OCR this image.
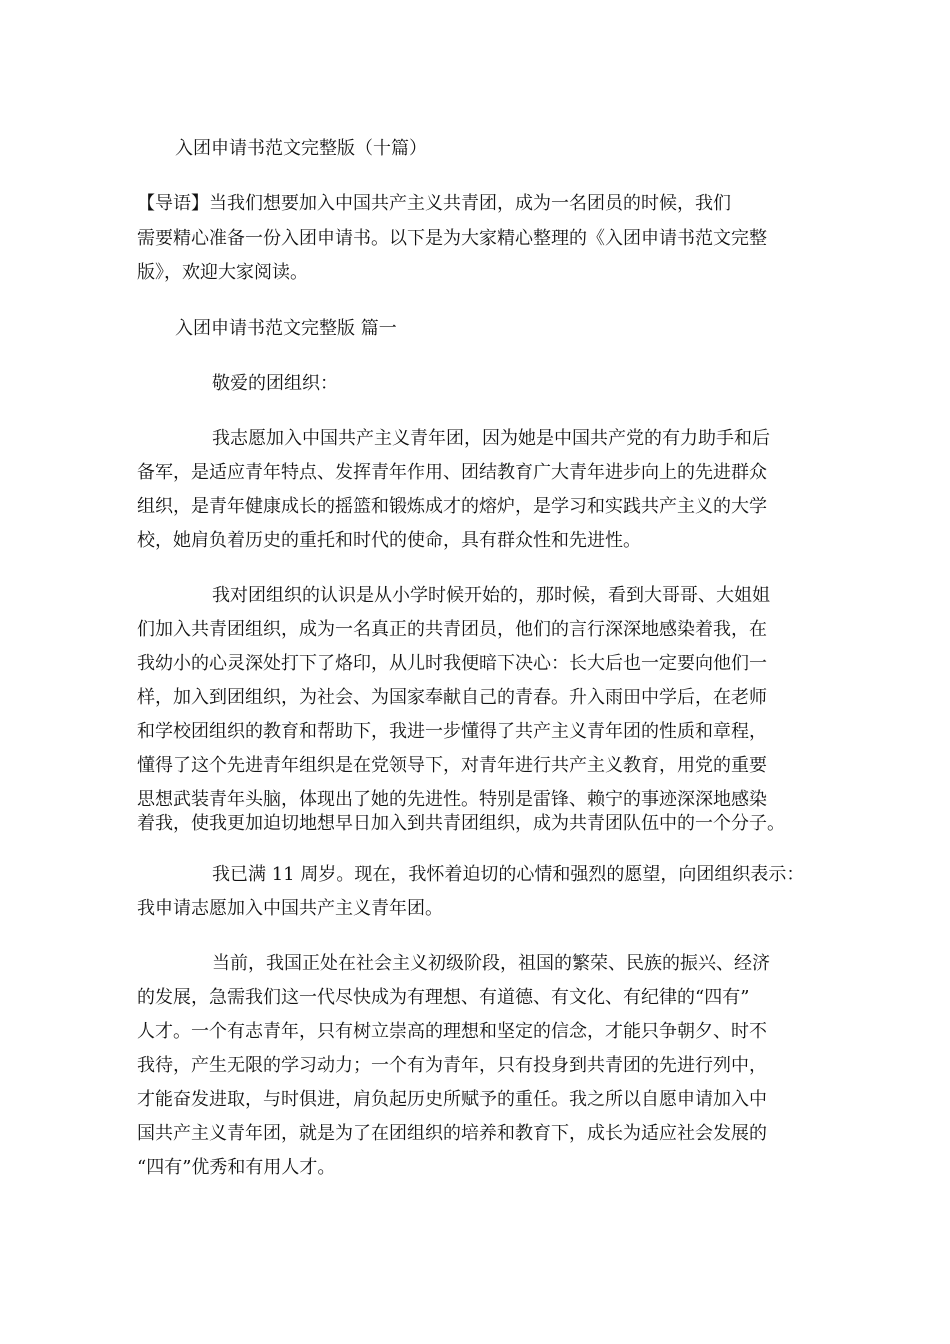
入团申请书范文完整版（十篇）

【导语】当我们想要加入中国共产主义共青团，成为一名团员的时候，我们

需要精心准备一份入团申请书。以下是为大家精心整理的《入团申请书范文完整

版》，欢迎大家阅读。

入团申请书范文完整版 篇一

敬爱的团组织：

我志愿加入中国共产主义青年团，因为她是中国共产党的有力助手和后

备军，是适应青年特点、发挥青年作用、团结教育广大青年进步向上的先进群众

组织，是青年健康成长的摇篮和锻炼成才的熔炉，是学习和实践共产主义的大学

校，她肩负着历史的重托和时代的使命，具有群众性和先进性。

我对团组织的认识是从小学时候开始的，那时候，看到大哥哥、大姐姐

们加入共青团组织，成为一名真正的共青团员，他们的言行深深地感染着我，在

我幼小的心灵深处打下了烙印，从儿时我便暗下决心：长大后也一定要向他们一

样，加入到团组织，为社会、为国家奉献自己的青春。升入雨田中学后，在老师

和学校团组织的教育和帮助下，我进一步懂得了共产主义青年团的性质和章程，

懂得了这个先进青年组织是在党领导下，对青年进行共产主义教育，用党的重要

思想武装青年头脑，体现出了她的先进性。特别是雷锋、赖宁的事迹深深地感染

着我，使我更加迫切地想早日加入到共青团组织，成为共青团队伍中的一个分子。

我已满 11 周岁。现在，我怀着迫切的心情和强烈的愿望，向团组织表示：

我申请志愿加入中国共产主义青年团。

当前，我国正处在社会主义初级阶段，祖国的繁荣、民族的振兴、经济

的发展，急需我们这一代尽快成为有理想、有道德、有文化、有纪律的“四有”

人才。一个有志青年，只有树立崇高的理想和坚定的信念，才能只争朝夕、时不

我待，产生无限的学习动力；一个有为青年，只有投身到共青团的先进行列中，

才能奋发进取，与时俱进，肩负起历史所赋予的重任。我之所以自愿申请加入中

国共产主义青年团，就是为了在团组织的培养和教育下，成长为适应社会发展的

“四有”优秀和有用人才。
